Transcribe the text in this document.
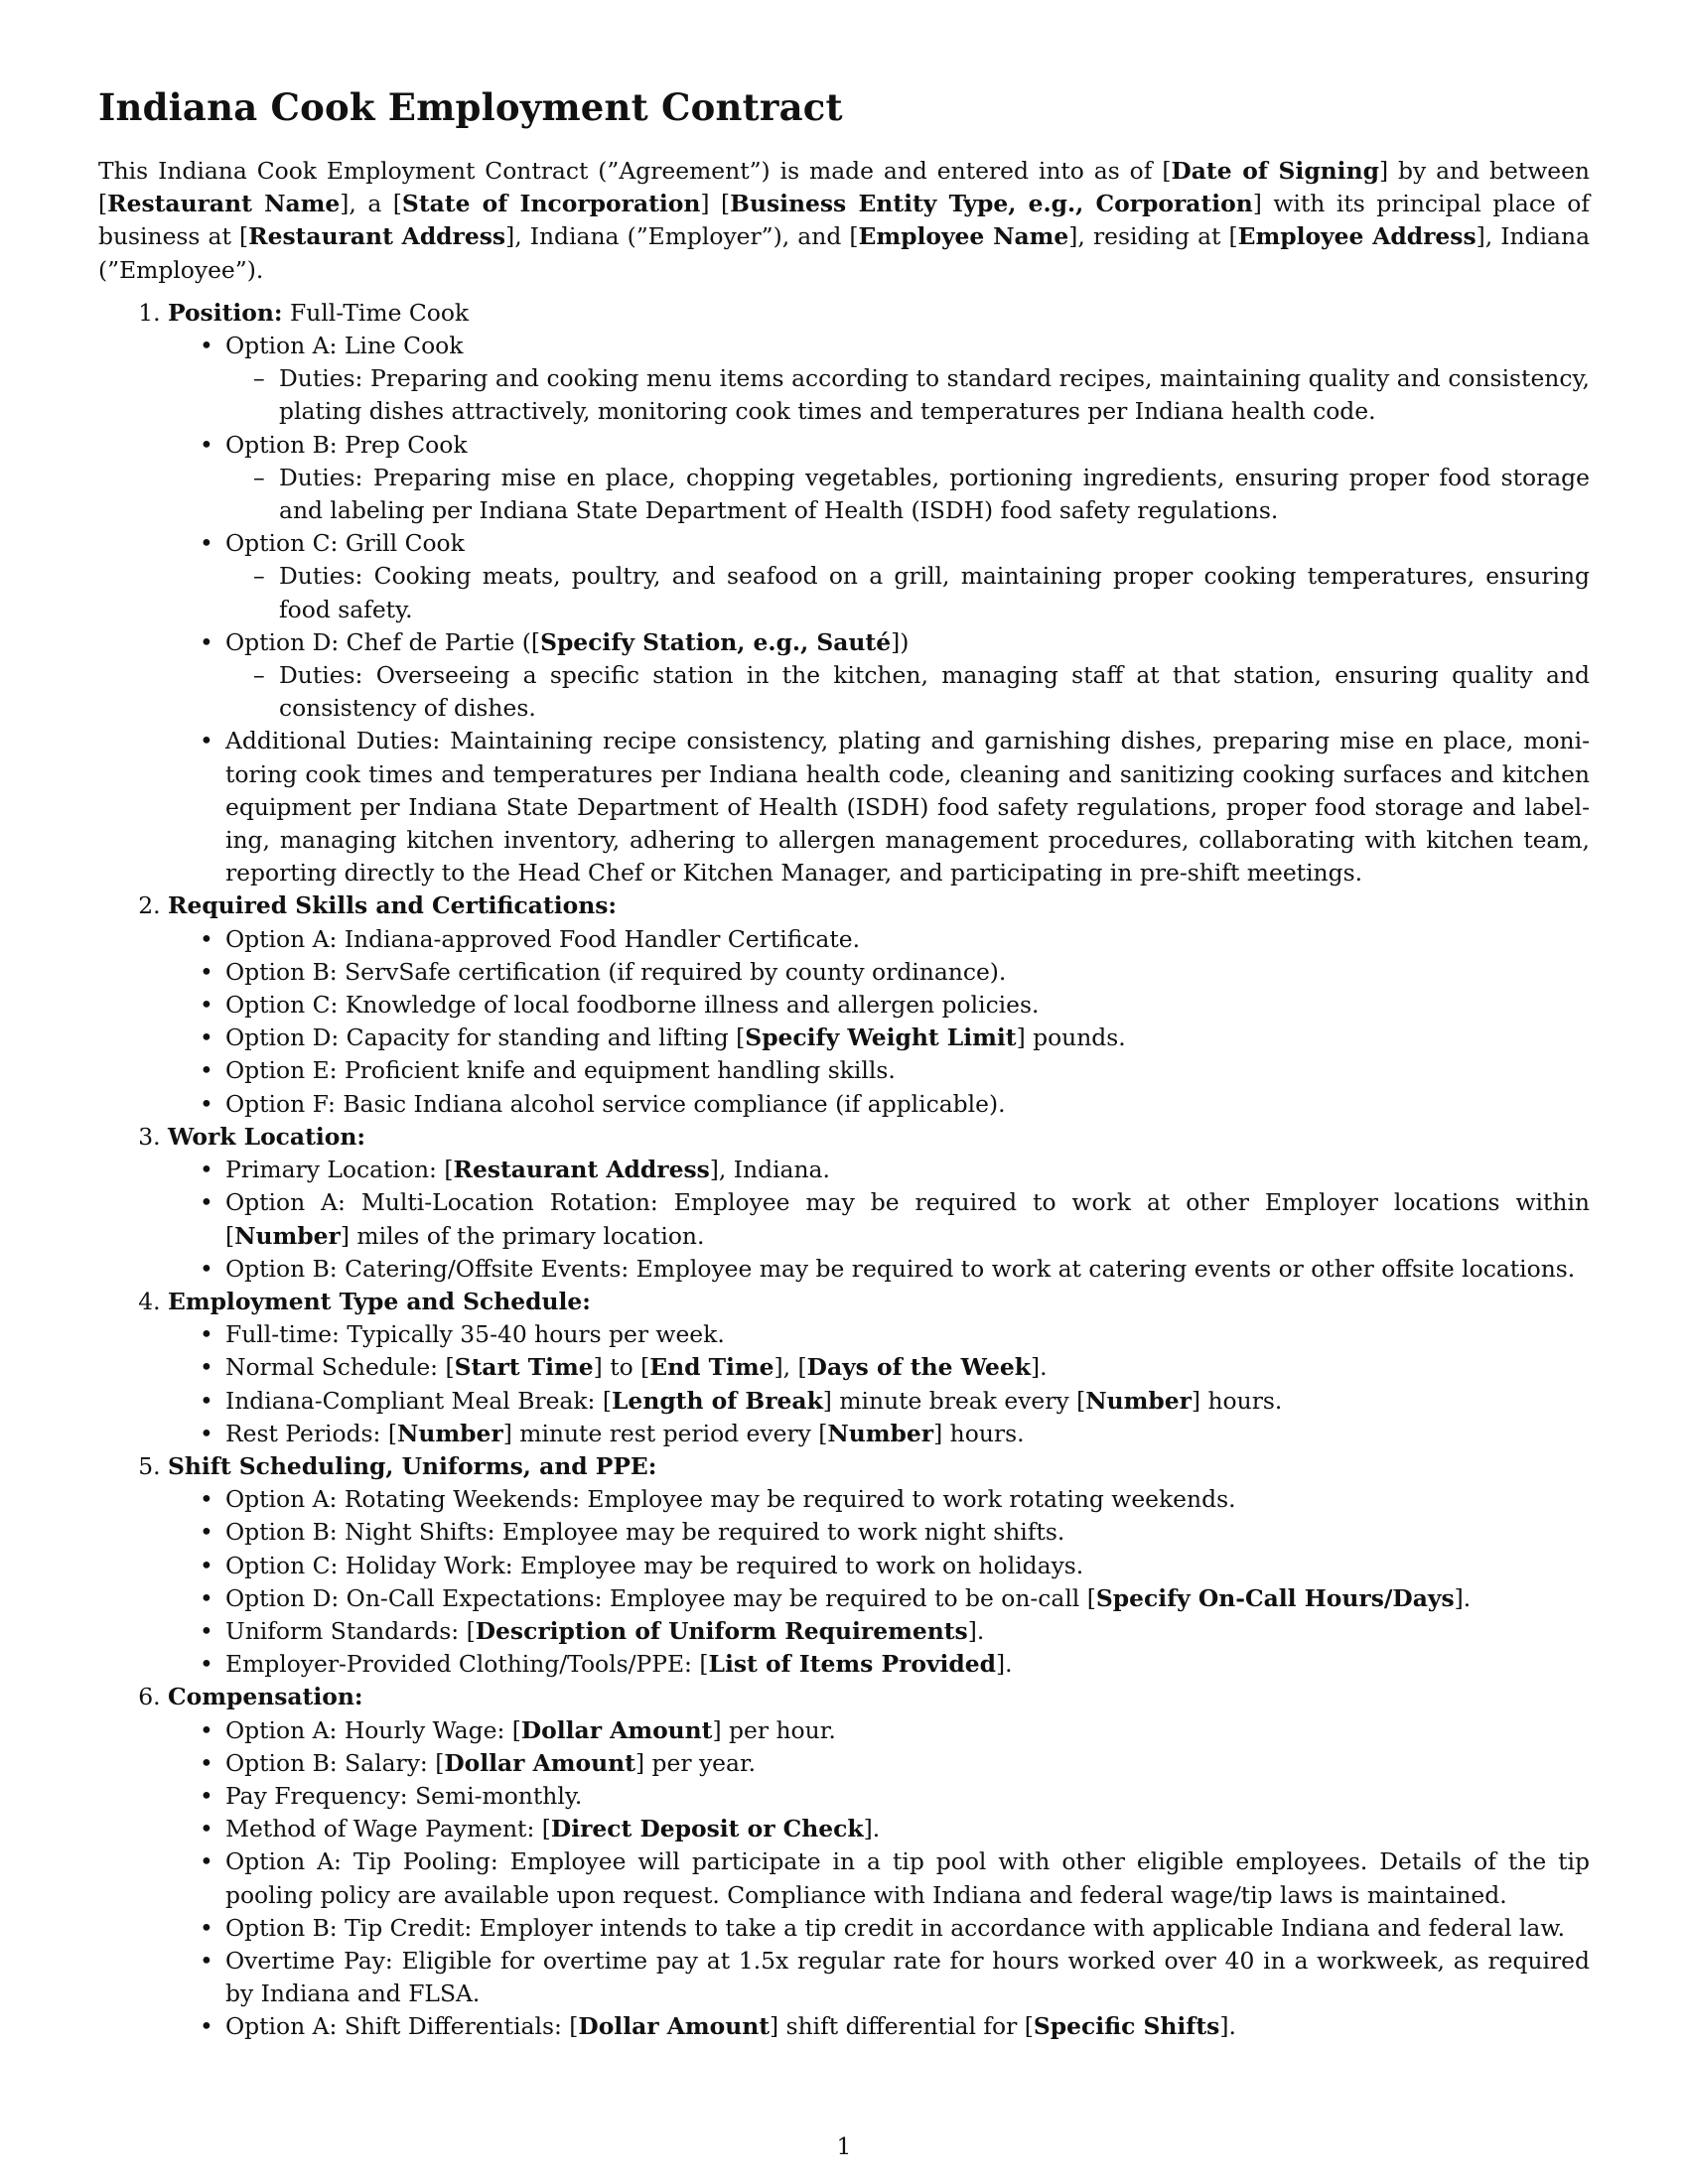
Indiana Cook Employment Contract

This Indiana Cook Employment Contract (”Agreement”) is made and entered into as of [Date of Signing] by and between [Restaurant Name], a [State of Incorporation] [Business Entity Type, e.g., Corporation] with its principal place of business at [Restaurant Address], Indiana (”Employer”), and [Employee Name], residing at [Employee Address], Indiana (”Employee”).

1. Position: Full-Time Cook
• Option A: Line Cook
– Duties: Preparing and cooking menu items according to standard recipes, maintaining quality and consistency, plating dishes attractively, monitoring cook times and temperatures per Indiana health code.
• Option B: Prep Cook
– Duties: Preparing mise en place, chopping vegetables, portioning ingredients, ensuring proper food storage and labeling per Indiana State Department of Health (ISDH) food safety regulations.
• Option C: Grill Cook
– Duties: Cooking meats, poultry, and seafood on a grill, maintaining proper cooking temperatures, ensuring food safety.
• Option D: Chef de Partie ([Specify Station, e.g., Sauté])
– Duties: Overseeing a specific station in the kitchen, managing staff at that station, ensuring quality and consistency of dishes.
• Additional Duties: Maintaining recipe consistency, plating and garnishing dishes, preparing mise en place, monitoring cook times and temperatures per Indiana health code, cleaning and sanitizing cooking surfaces and kitchen equipment per Indiana State Department of Health (ISDH) food safety regulations, proper food storage and labeling, managing kitchen inventory, adhering to allergen management procedures, collaborating with kitchen team, reporting directly to the Head Chef or Kitchen Manager, and participating in pre-shift meetings.
2. Required Skills and Certifications:
• Option A: Indiana-approved Food Handler Certificate.
• Option B: ServSafe certification (if required by county ordinance).
• Option C: Knowledge of local foodborne illness and allergen policies.
• Option D: Capacity for standing and lifting [Specify Weight Limit] pounds.
• Option E: Proficient knife and equipment handling skills.
• Option F: Basic Indiana alcohol service compliance (if applicable).
3. Work Location:
• Primary Location: [Restaurant Address], Indiana.
• Option A: Multi-Location Rotation: Employee may be required to work at other Employer locations within [Number] miles of the primary location.
• Option B: Catering/Offsite Events: Employee may be required to work at catering events or other offsite locations.
4. Employment Type and Schedule:
• Full-time: Typically 35-40 hours per week.
• Normal Schedule: [Start Time] to [End Time], [Days of the Week].
• Indiana-Compliant Meal Break: [Length of Break] minute break every [Number] hours.
• Rest Periods: [Number] minute rest period every [Number] hours.
5. Shift Scheduling, Uniforms, and PPE:
• Option A: Rotating Weekends: Employee may be required to work rotating weekends.
• Option B: Night Shifts: Employee may be required to work night shifts.
• Option C: Holiday Work: Employee may be required to work on holidays.
• Option D: On-Call Expectations: Employee may be required to be on-call [Specify On-Call Hours/Days].
• Uniform Standards: [Description of Uniform Requirements].
• Employer-Provided Clothing/Tools/PPE: [List of Items Provided].
6. Compensation:
• Option A: Hourly Wage: [Dollar Amount] per hour.
• Option B: Salary: [Dollar Amount] per year.
• Pay Frequency: Semi-monthly.
• Method of Wage Payment: [Direct Deposit or Check].
• Option A: Tip Pooling: Employee will participate in a tip pool with other eligible employees. Details of the tip pooling policy are available upon request. Compliance with Indiana and federal wage/tip laws is maintained.
• Option B: Tip Credit: Employer intends to take a tip credit in accordance with applicable Indiana and federal law.
• Overtime Pay: Eligible for overtime pay at 1.5x regular rate for hours worked over 40 in a workweek, as required by Indiana and FLSA.
• Option A: Shift Differentials: [Dollar Amount] shift differential for [Specific Shifts].
1
